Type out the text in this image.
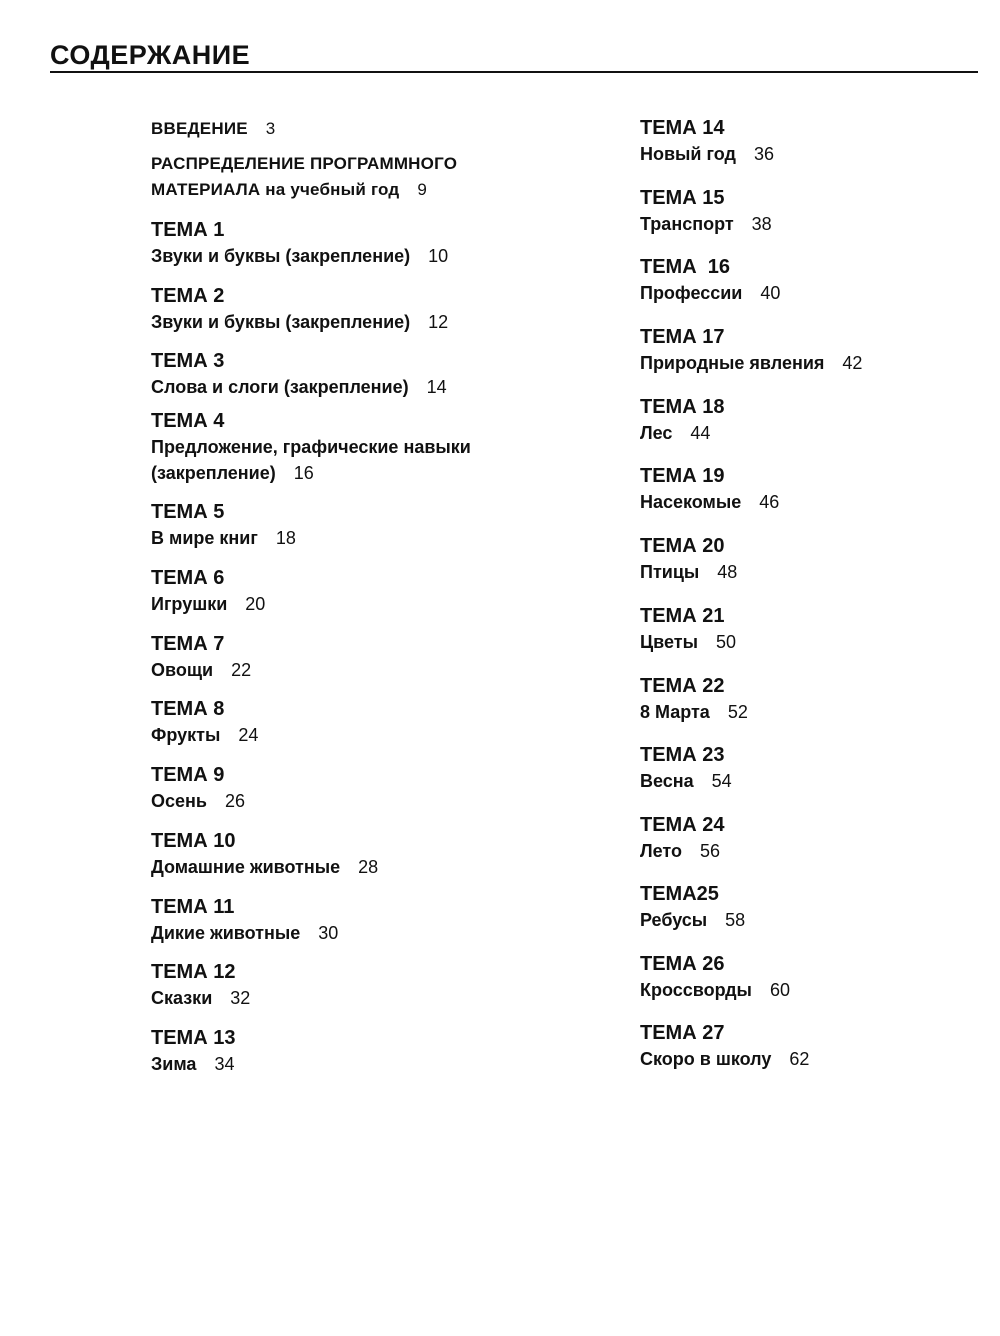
СОДЕРЖАНИЕ
ВВЕДЕНИЕ 3
РАСПРЕДЕЛЕНИЕ ПРОГРАММНОГО
МАТЕРИАЛА на учебный год 9
ТЕМА 1
Звуки и буквы (закрепление) 10
ТЕМА 2
Звуки и буквы (закрепление) 12
ТЕМА 3
Слова и слоги (закрепление) 14
ТЕМА 4
Предложение, графические навыки
(закрепление) 16
ТЕМА 5
В мире книг 18
ТЕМА 6
Игрушки 20
ТЕМА 7
Овощи 22
ТЕМА 8
Фрукты 24
ТЕМА 9
Осень 26
ТЕМА 10
Домашние животные 28
ТЕМА 11
Дикие животные 30
ТЕМА 12
Сказки 32
ТЕМА 13
Зима 34
ТЕМА 14
Новый год 36
ТЕМА 15
Транспорт 38
ТЕМА  16
Профессии 40
ТЕМА 17
Природные явления 42
ТЕМА 18
Лес 44
ТЕМА 19
Насекомые 46
ТЕМА 20
Птицы 48
ТЕМА 21
Цветы 50
ТЕМА 22
8 Марта 52
ТЕМА 23
Весна 54
ТЕМА 24
Лето 56
ТЕМА25
Ребусы 58
ТЕМА 26
Кроссворды 60
ТЕМА 27
Скоро в школу 62
